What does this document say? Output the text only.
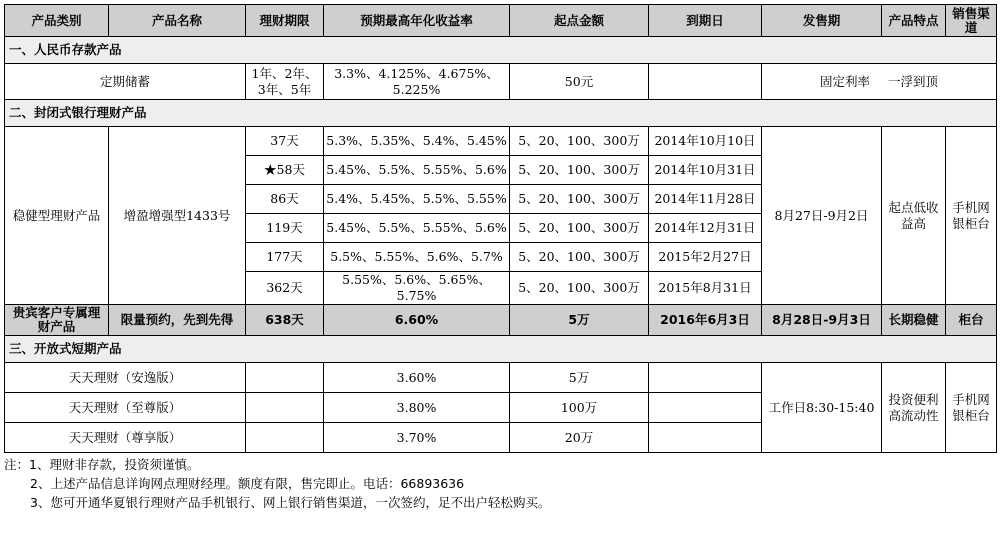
产品类别	产品名称	理财期限	预期最高年化收益率	起点金额	到期日	发售期	产品特点	销售渠道
一、人民币存款产品								
定期储蓄		1年、2年、3年、5年	3.3%、4.125%、4.675%、5.225%	50元		固定利率 一浮到顶		
二、封闭式银行理财产品								
稳健型理财产品	增盈增强型1433号	37天	5.3%、5.35%、5.4%、5.45%	5、20、100、300万	2014年10月10日	8月27日-9月2日	起点低收益高	手机网银柜台
		★58天	5.45%、5.5%、5.55%、5.6%	5、20、100、300万	2014年10月31日			
		86天	5.4%、5.45%、5.5%、5.55%	5、20、100、300万	2014年11月28日			
		119天	5.45%、5.5%、5.55%、5.6%	5、20、100、300万	2014年12月31日			
		177天	5.5%、5.55%、5.6%、5.7%	5、20、100、300万	2015年2月27日			
		362天	5.55%、5.6%、5.65%、5.75%	5、20、100、300万	2015年8月31日			
贵宾客户专属理财产品	限量预约，先到先得	638天	6.60%	5万	2016年6月3日	8月28日-9月3日	长期稳健	柜台
三、开放式短期产品								
天天理财（安逸版）			3.60%	5万		工作日8:30-15:40	投资便利高流动性	手机网银柜台
天天理财（至尊版）			3.80%	100万				
天天理财（尊享版）			3.70%	20万				
注：1、理财非存款，投资须谨慎。
2、上述产品信息详询网点理财经理。额度有限，售完即止。电话：66893636
3、您可开通华夏银行理财产品手机银行、网上银行销售渠道，一次签约，足不出户轻松购买。
